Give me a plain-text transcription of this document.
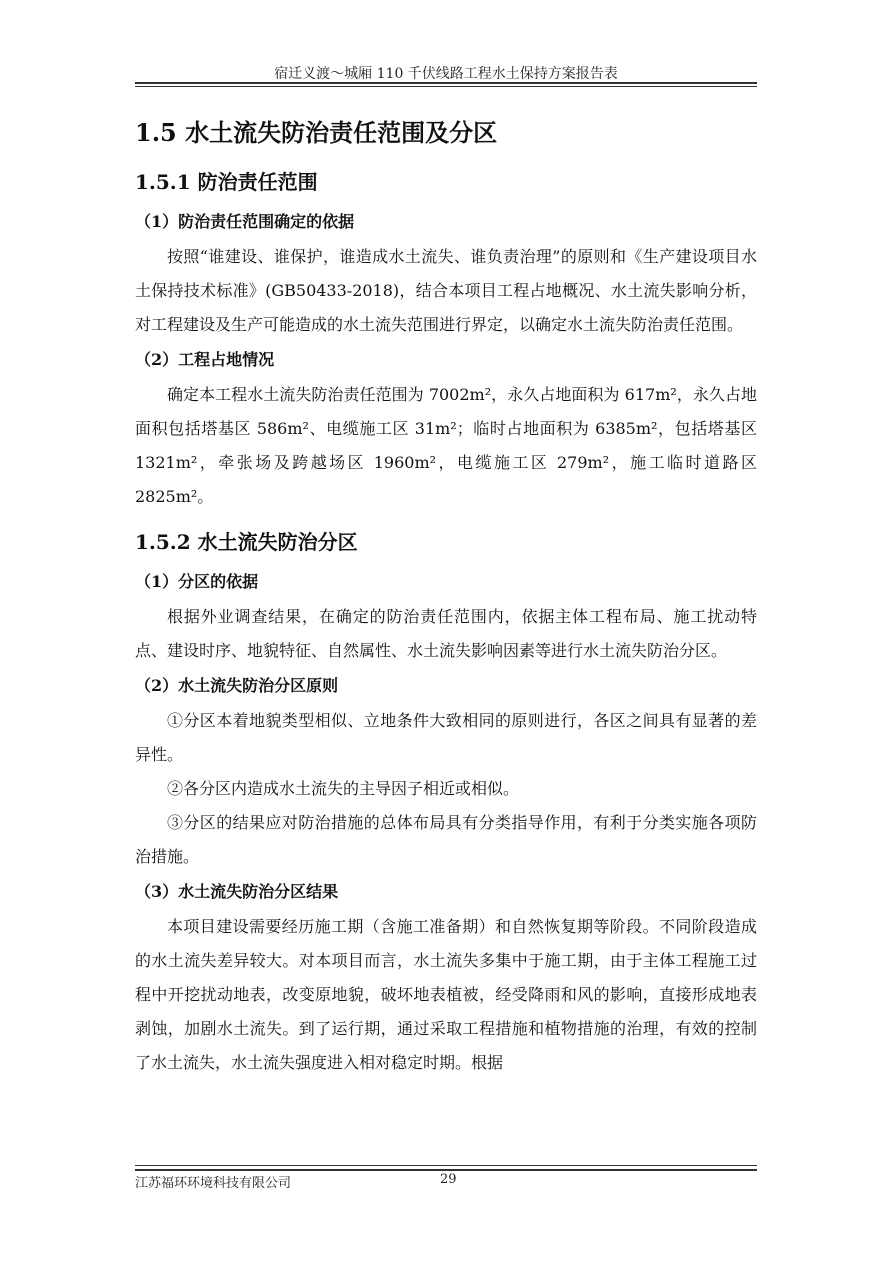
宿迁义渡～城厢 110 千伏线路工程水土保持方案报告表
1.5 水土流失防治责任范围及分区
1.5.1 防治责任范围
（1）防治责任范围确定的依据

按照“谁建设、谁保护，谁造成水土流失、谁负责治理”的原则和《生产建设项目水土保持技术标准》(GB50433-2018)，结合本项目工程占地概况、水土流失影响分析，对工程建设及生产可能造成的水土流失范围进行界定，以确定水土流失防治责任范围。

（2）工程占地情况

确定本工程水土流失防治责任范围为 7002m²，永久占地面积为 617m²，永久占地面积包括塔基区 586m²、电缆施工区 31m²；临时占地面积为 6385m²，包括塔基区 1321m²，牵张场及跨越场区 1960m²，电缆施工区 279m²，施工临时道路区 2825m²。

1.5.2 水土流失防治分区
（1）分区的依据

根据外业调查结果，在确定的防治责任范围内，依据主体工程布局、施工扰动特点、建设时序、地貌特征、自然属性、水土流失影响因素等进行水土流失防治分区。

（2）水土流失防治分区原则

①分区本着地貌类型相似、立地条件大致相同的原则进行，各区之间具有显著的差异性。

②各分区内造成水土流失的主导因子相近或相似。

③分区的结果应对防治措施的总体布局具有分类指导作用，有利于分类实施各项防治措施。

（3）水土流失防治分区结果

本项目建设需要经历施工期（含施工准备期）和自然恢复期等阶段。不同阶段造成的水土流失差异较大。对本项目而言，水土流失多集中于施工期，由于主体工程施工过程中开挖扰动地表，改变原地貌，破坏地表植被，经受降雨和风的影响，直接形成地表剥蚀，加剧水土流失。到了运行期，通过采取工程措施和植物措施的治理，有效的控制了水土流失，水土流失强度进入相对稳定时期。根据

江苏福环环境科技有限公司	29
